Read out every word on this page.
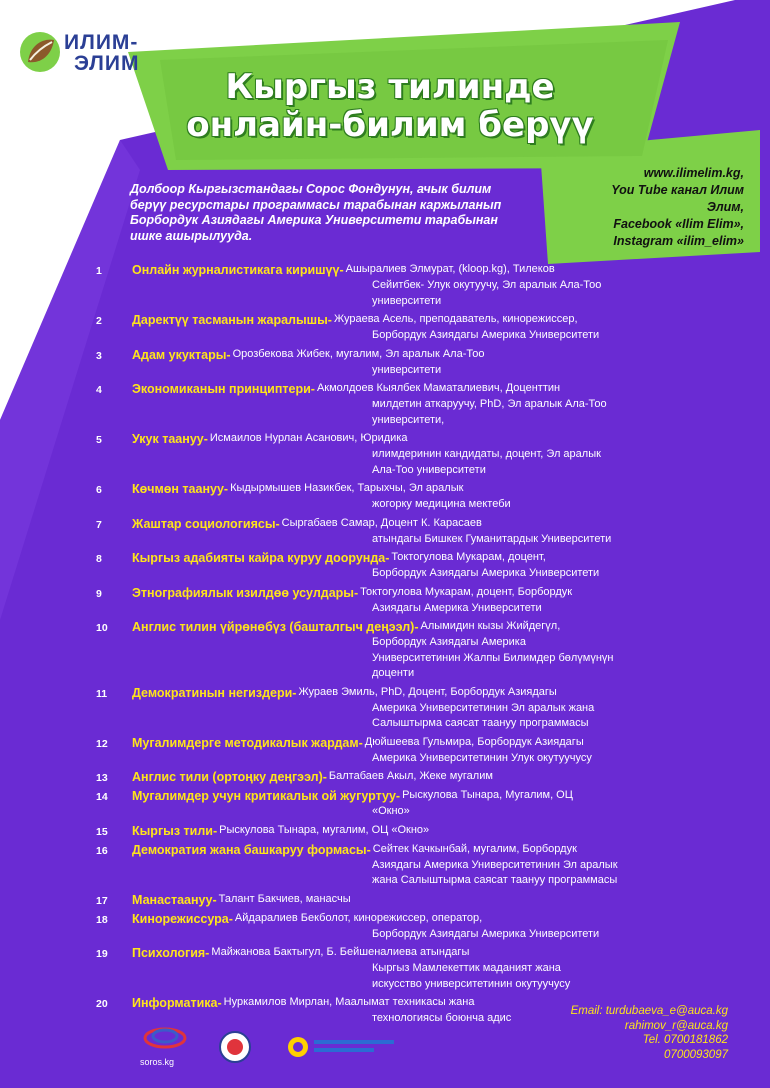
ИЛИМ-
ЭЛИМ
Кыргыз тилинде
онлайн-билим берүү
Долбоор Кыргызстандагы Сорос Фондунун, ачык билим берүү ресурстары программасы тарабынан каржыланып Борбордук Азиядагы Америка Университети тарабынан ишке ашырылууда.
www.ilimelim.kg,
You Tube канал Илим
Элим,
Facebook «Ilim Elim»,
Instagram «ilim_elim»
1	Онлайн журналистикага киришүү- Ашыралиев Элмурат, (kloop.kg), Тилеков
Сейитбек- Улук окутуучу, Эл аралык Ала-Тоо
университети
2	Даректүү тасманын жаралышы- Жураева Асель, преподаватель, кинорежиссер,
Борбордук Азиядагы Америка Университети
3	Адам укуктары- Орозбекова Жибек, мугалим, Эл аралык Ала-Тоо
университети
4	Экономиканын принциптери- Акмолдоев Кыялбек Маматалиевич, Доценттин
милдетин аткаруучу, PhD, Эл аралык Ала-Тоо
университети,
5	Укук таануу- Исмаилов Нурлан Асанович, Юридика
илимдеринин кандидаты, доцент, Эл аралык
Ала-Тоо университети
6	Көчмөн таануу- Кыдырмышев Назикбек, Тарыхчы, Эл аралык
жогорку медицина мектеби
7	Жаштар социологиясы- Сыргабаев Самар, Доцент К. Карасаев
атындагы Бишкек Гуманитардык Университети
8	Кыргыз адабияты кайра куруу доорунда- Токтогулова Мукарам, доцент,
Борбордук Азиядагы Америка Университети
9	Этнографиялык изилдөө усулдары- Токтогулова Мукарам, доцент, Борбордук
Азиядагы Америка Университети
10	Англис тилин үйрөнөбүз (башталгыч деңээл)- Алымидин кызы Жийдегүл,
Борбордук Азиядагы Америка
Университетинин Жалпы Билимдер бөлүмүнүн
доценти
11	Демократинын негиздери- Жураев Эмиль, PhD, Доцент, Борбордук Азиядагы
Америка Университетинин Эл аралык жана
Салыштырма саясат таануу программасы
12	Мугалимдерге методикалык жардам- Дюйшеева Гульмира, Борбордук Азиядагы
Америка Университетинин Улук окутуучусу
13	Англис тили (ортоңку деңгээл)- Балтабаев Акыл, Жеке мугалим
14	Мугалимдер учун критикалык ой жугуртуу- Рыскулова Тынара, Мугалим, ОЦ
«Окно»
15	Кыргыз тили- Рыскулова Тынара, мугалим, ОЦ «Окно»
16	Демократия жана башкаруу формасы- Сейтек Качкынбай, мугалим, Борбордук
Азиядагы Америка Университетинин Эл аралык
жана Салыштырма саясат таануу программасы
17	Манастаануу- Талант Бакчиев, манасчы
18	Кинорежиссура- Айдаралиев Бекболот, кинорежиссер, оператор,
Борбордук Азиядагы Америка Университети
19	Психология- Майжанова Бактыгул, Б. Бейшеналиева атындагы
Кыргыз Мамлекеттик маданият жана
искусство университетинин окутуучусу
20	Информатика- Нуркамилов Мирлан, Маалымат техникасы жана
технологиясы боюнча адис
Email: turdubaeva_e@auca.kg
rahimov_r@auca.kg
Tel. 0700181862
0700093097
soros.kg
